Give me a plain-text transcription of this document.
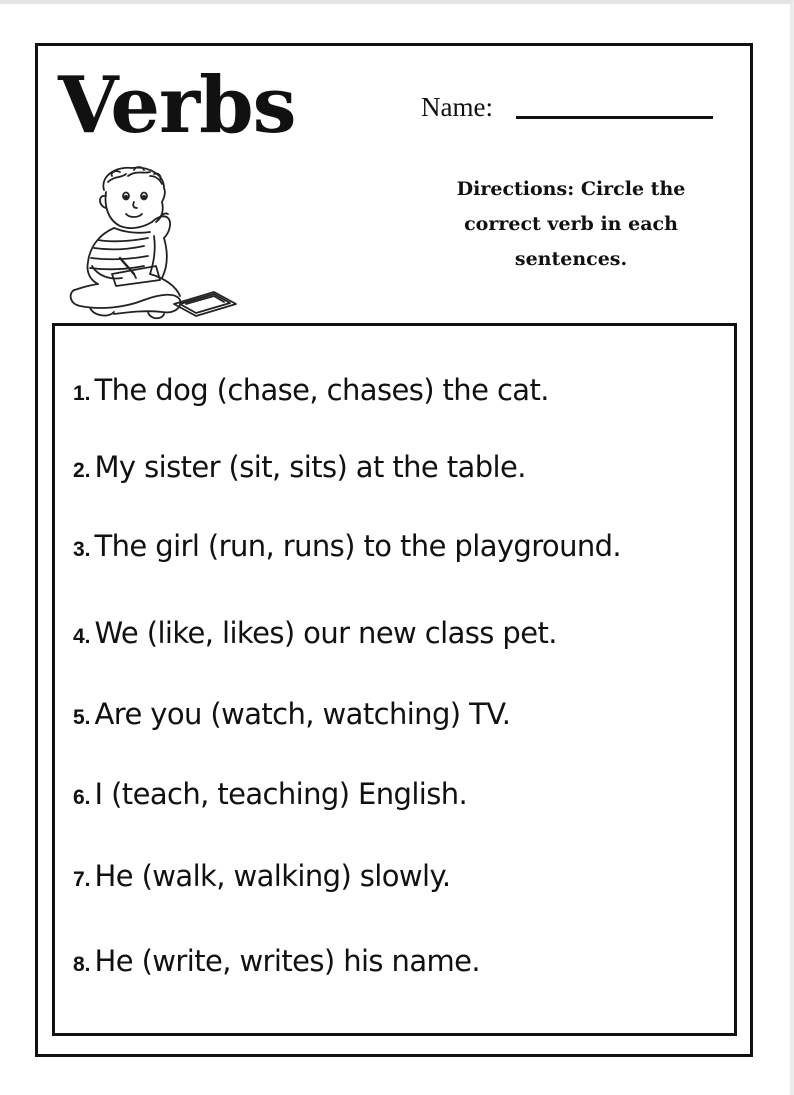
Verbs	Name:
Directions: Circle the correct verb in each sentences.
1. The dog (chase, chases) the cat.
2. My sister (sit, sits) at the table.
3. The girl (run, runs) to the playground.
4. We (like, likes) our new class pet.
5. Are you (watch, watching) TV.
6. I (teach, teaching) English.
7. He (walk, walking) slowly.
8. He (write, writes) his name.
